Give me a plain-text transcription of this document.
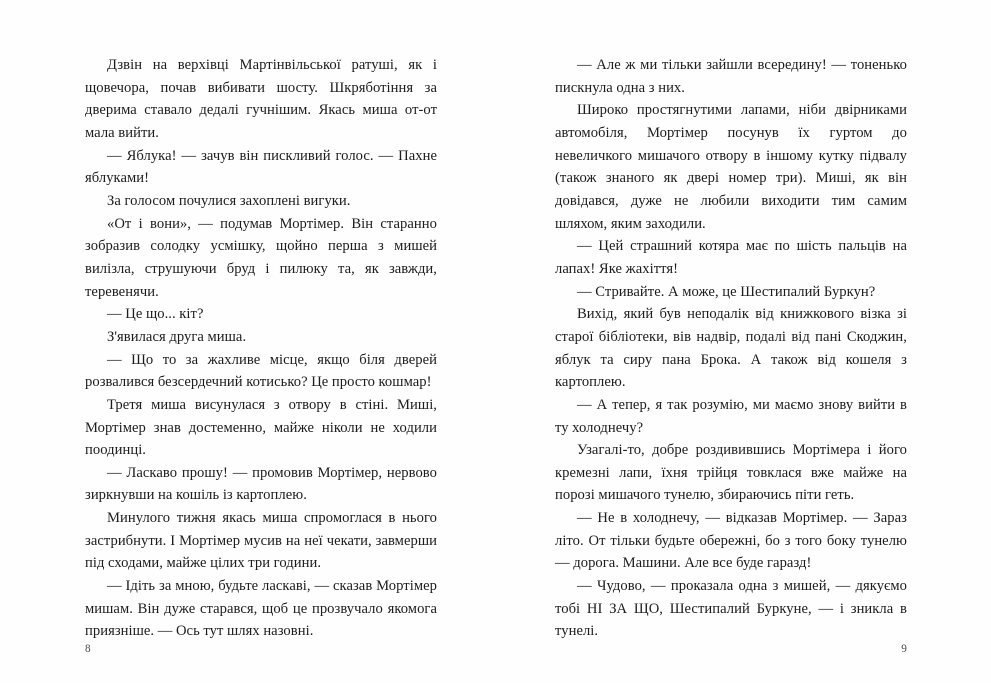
Дзвін на верхівці Мартінвільської ратуші, як і щовечора, почав вибивати шосту. Шкряботіння за дверима ставало дедалі гучнішим. Якась миша от-от мала вийти.

— Яблука! — зачув він пискливий голос. — Пахне яблуками!

За голосом почулися захоплені вигуки.

«От і вони», — подумав Мортімер. Він старанно зобразив солодку усмішку, щойно перша з мишей вилізла, струшуючи бруд і пилюку та, як завжди, теревенячи.

— Це що... кіт?

З'явилася друга миша.

— Що то за жахливе місце, якщо біля дверей розвалився безсердечний котисько? Це просто кошмар!

Третя миша висунулася з отвору в стіні. Миші, Мортімер знав достеменно, майже ніколи не ходили поодинці.

— Ласкаво прошу! — промовив Мортімер, нервово зиркнувши на кошіль із картоплею.

Минулого тижня якась миша спромоглася в нього застрибнути. І Мортімер мусив на неї чекати, завмерши під сходами, майже цілих три години.

— Ідіть за мною, будьте ласкаві, — сказав Мортімер мишам. Він дуже старався, щоб це прозвучало якомога приязніше. — Ось тут шлях назовні.

8

— Але ж ми тільки зайшли всередину! — тоненько пискнула одна з них.

Широко простягнутими лапами, ніби двірниками автомобіля, Мортімер посунув їх гуртом до невеличкого мишачого отвору в іншому кутку підвалу (також знаного як двері номер три). Миші, як він довідався, дуже не любили виходити тим самим шляхом, яким заходили.

— Цей страшний котяра має по шість пальців на лапах! Яке жахіття!

— Стривайте. А може, це Шестипалий Буркун?

Вихід, який був неподалік від книжкового візка зі старої бібліотеки, вів надвір, подалі від пані Скоджин, яблук та сиру пана Брока. А також від кошеля з картоплею.

— А тепер, я так розумію, ми маємо знову вийти в ту холоднечу?

Узагалі-то, добре роздивившись Мортімера і його кремезні лапи, їхня трійця товклася вже майже на порозі мишачого тунелю, збираючись піти геть.

— Не в холоднечу, — відказав Мортімер. — Зараз літо. От тільки будьте обережні, бо з того боку тунелю — дорога. Машини. Але все буде гаразд!

— Чудово, — проказала одна з мишей, — дякуємо тобі НІ ЗА ЩО, Шестипалий Буркуне, — і зникла в тунелі.

9
